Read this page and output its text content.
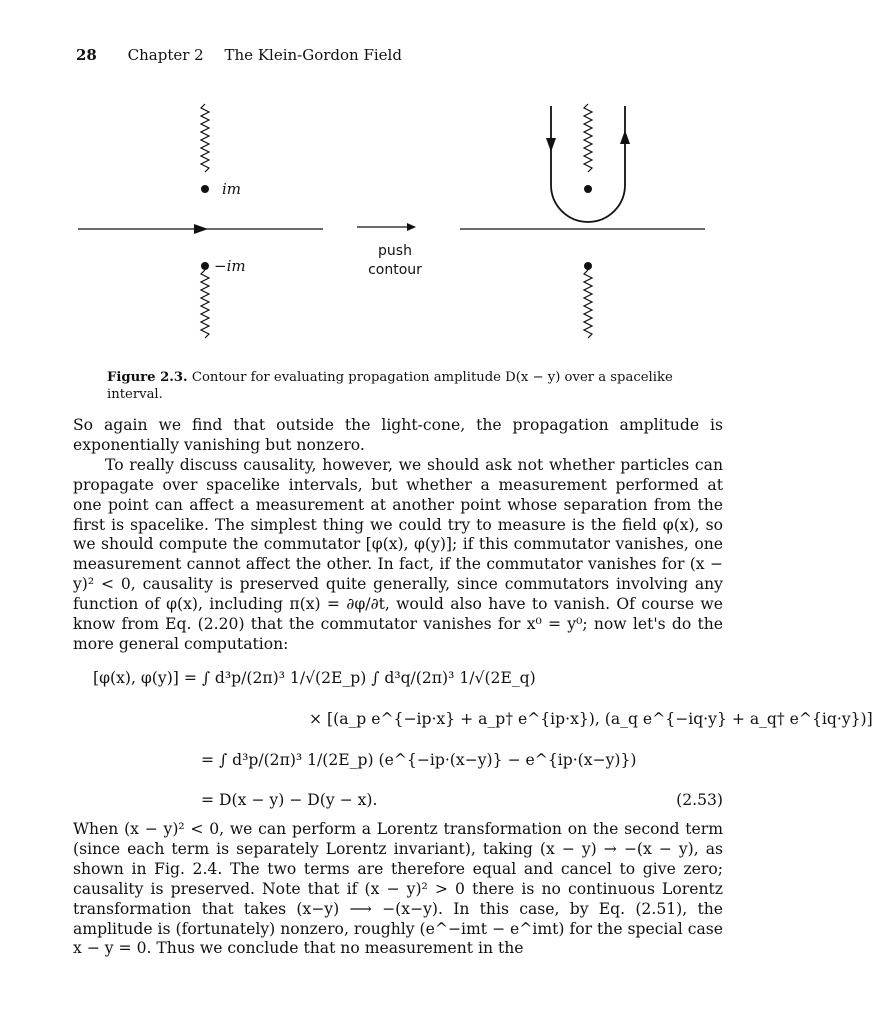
28 Chapter 2 The Klein-Gordon Field
im
−im
push
contour
Figure 2.3. Contour for evaluating propagation amplitude D(x − y) over a spacelike interval.

So again we find that outside the light-cone, the propagation amplitude is exponentially vanishing but nonzero.

To really discuss causality, however, we should ask not whether particles can propagate over spacelike intervals, but whether a measurement performed at one point can affect a measurement at another point whose separation from the first is spacelike. The simplest thing we could try to measure is the field φ(x), so we should compute the commutator [φ(x), φ(y)]; if this commutator vanishes, one measurement cannot affect the other. In fact, if the commutator vanishes for (x − y)² < 0, causality is preserved quite generally, since commutators involving any function of φ(x), including π(x) = ∂φ/∂t, would also have to vanish. Of course we know from Eq. (2.20) that the commutator vanishes for x⁰ = y⁰; now let's do the more general computation:

[φ(x), φ(y)] = ∫ d³p/(2π)³ 1/√(2E_p) ∫ d³q/(2π)³ 1/√(2E_q)
× [(a_p e^{−ip·x} + a_p† e^{ip·x}), (a_q e^{−iq·y} + a_q† e^{iq·y})]
= ∫ d³p/(2π)³ 1/(2E_p) (e^{−ip·(x−y)} − e^{ip·(x−y)})
= D(x − y) − D(y − x).	(2.53)

When (x − y)² < 0, we can perform a Lorentz transformation on the second term (since each term is separately Lorentz invariant), taking (x − y) → −(x − y), as shown in Fig. 2.4. The two terms are therefore equal and cancel to give zero; causality is preserved. Note that if (x − y)² > 0 there is no continuous Lorentz transformation that takes (x−y) ⟶ −(x−y). In this case, by Eq. (2.51), the amplitude is (fortunately) nonzero, roughly (e^−imt − e^imt) for the special case x − y = 0. Thus we conclude that no measurement in the
